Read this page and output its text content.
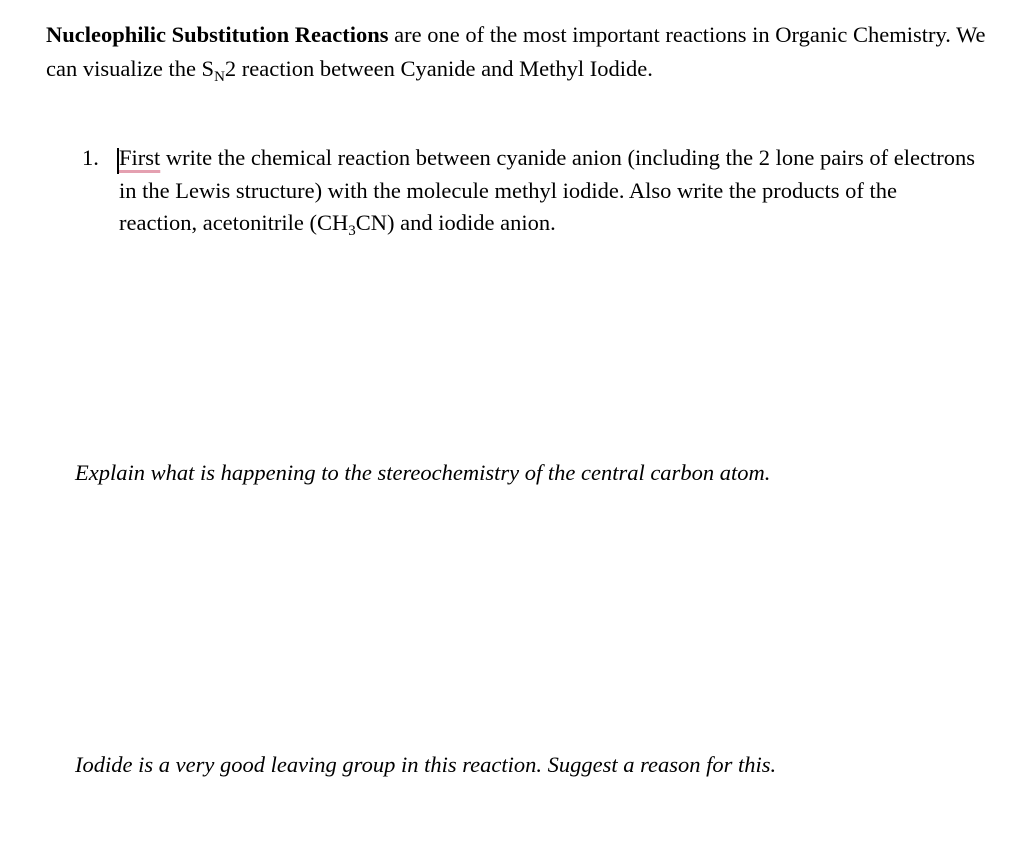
Nucleophilic Substitution Reactions are one of the most important reactions in Organic Chemistry. We can visualize the $S_N2$ reaction between Cyanide and Methyl Iodide.

1. First write the chemical reaction between cyanide anion (including the 2 lone pairs of electrons in the Lewis structure) with the molecule methyl iodide. Also write the products of the reaction, acetonitrile $(CH_3CN)$ and iodide anion.

Explain what is happening to the stereochemistry of the central carbon atom.
Iodide is a very good leaving group in this reaction. Suggest a reason for this.
